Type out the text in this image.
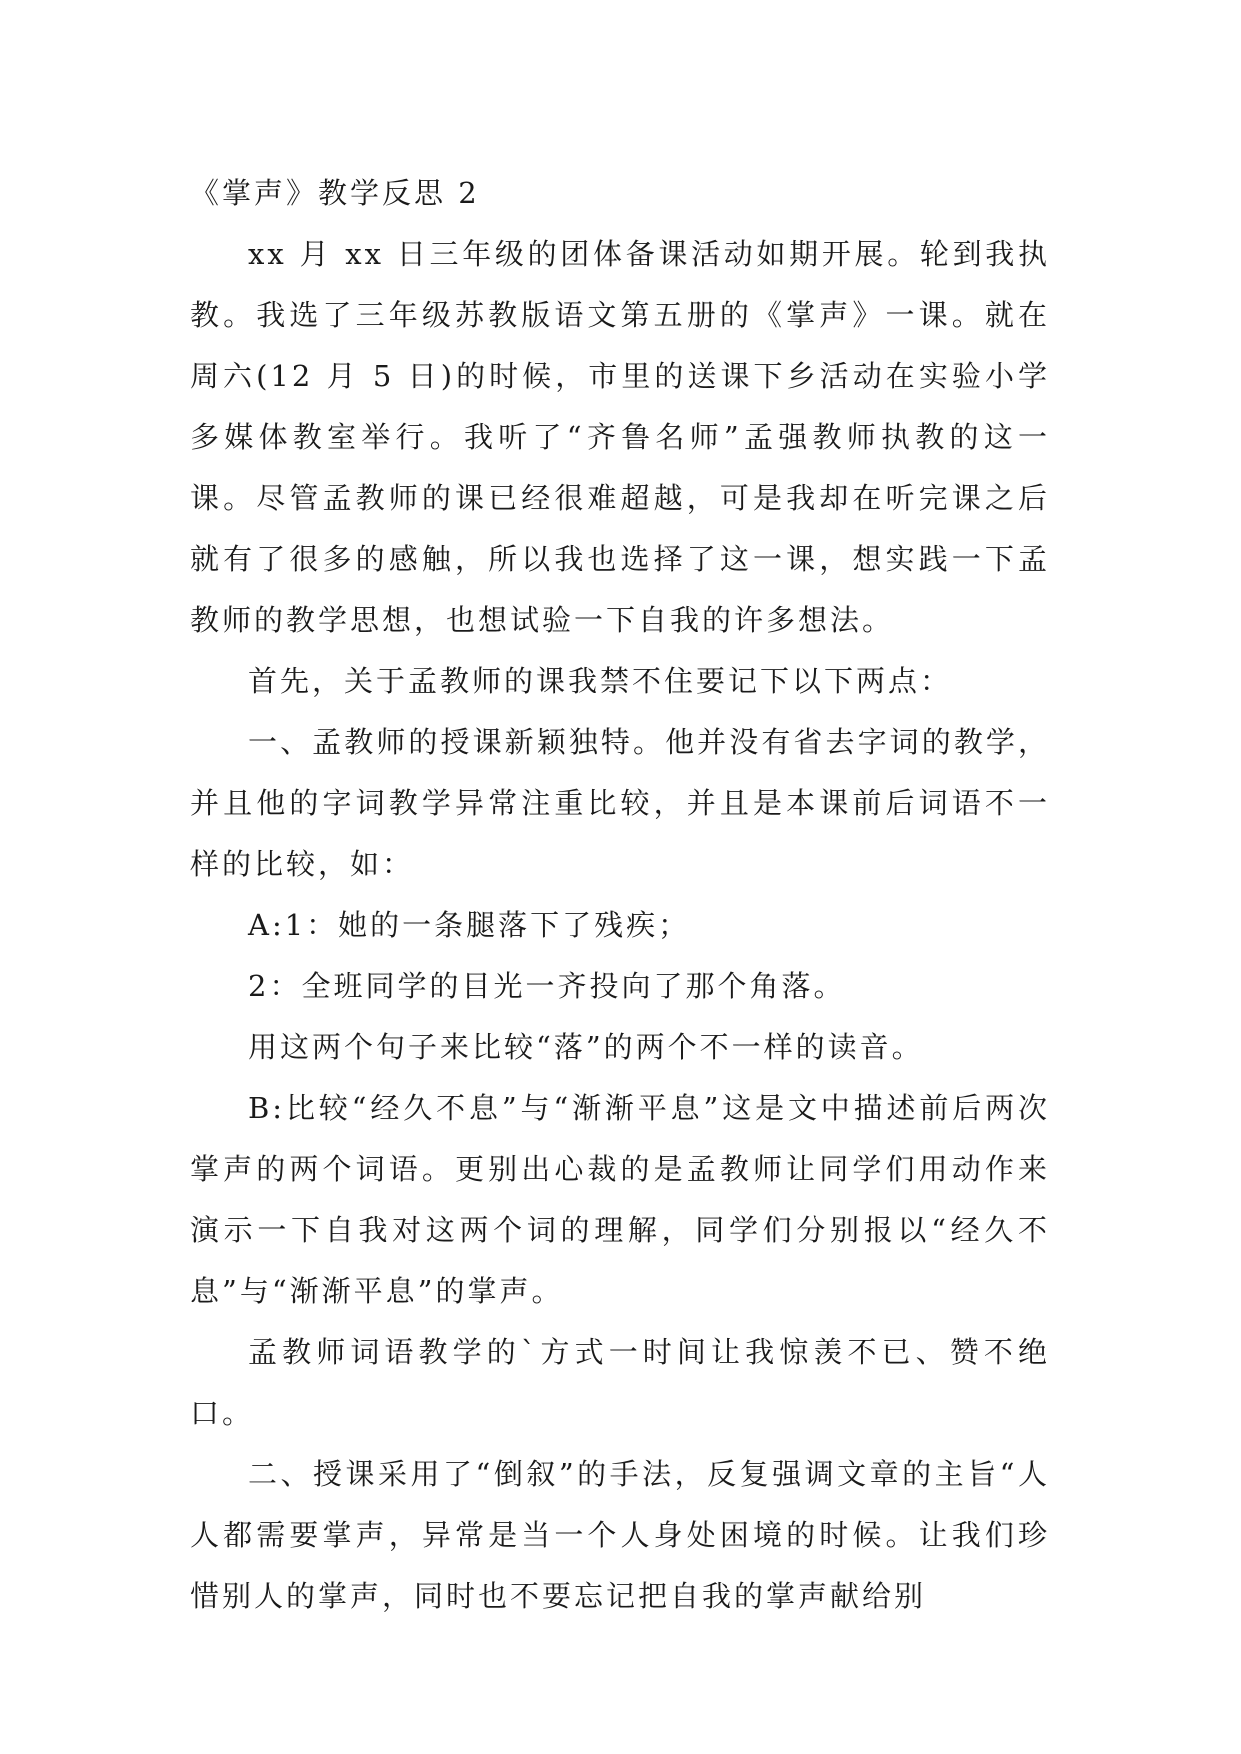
《掌声》教学反思 2

xx 月 xx 日三年级的团体备课活动如期开展。轮到我执教。我选了三年级苏教版语文第五册的《掌声》一课。就在周六(12 月 5 日)的时候，市里的送课下乡活动在实验小学多媒体教室举行。我听了“齐鲁名师”孟强教师执教的这一课。尽管孟教师的课已经很难超越，可是我却在听完课之后就有了很多的感触，所以我也选择了这一课，想实践一下孟教师的教学思想，也想试验一下自我的许多想法。

首先，关于孟教师的课我禁不住要记下以下两点：

一、孟教师的授课新颖独特。他并没有省去字词的教学，并且他的字词教学异常注重比较，并且是本课前后词语不一样的比较，如：

A:1：她的一条腿落下了残疾；

2：全班同学的目光一齐投向了那个角落。

用这两个句子来比较“落”的两个不一样的读音。

B:比较“经久不息”与“渐渐平息”这是文中描述前后两次掌声的两个词语。更别出心裁的是孟教师让同学们用动作来演示一下自我对这两个词的理解，同学们分别报以“经久不息”与“渐渐平息”的掌声。

孟教师词语教学的`方式一时间让我惊羡不已、赞不绝口。

二、授课采用了“倒叙”的手法，反复强调文章的主旨“人人都需要掌声，异常是当一个人身处困境的时候。让我们珍惜别人的掌声，同时也不要忘记把自我的掌声献给别
